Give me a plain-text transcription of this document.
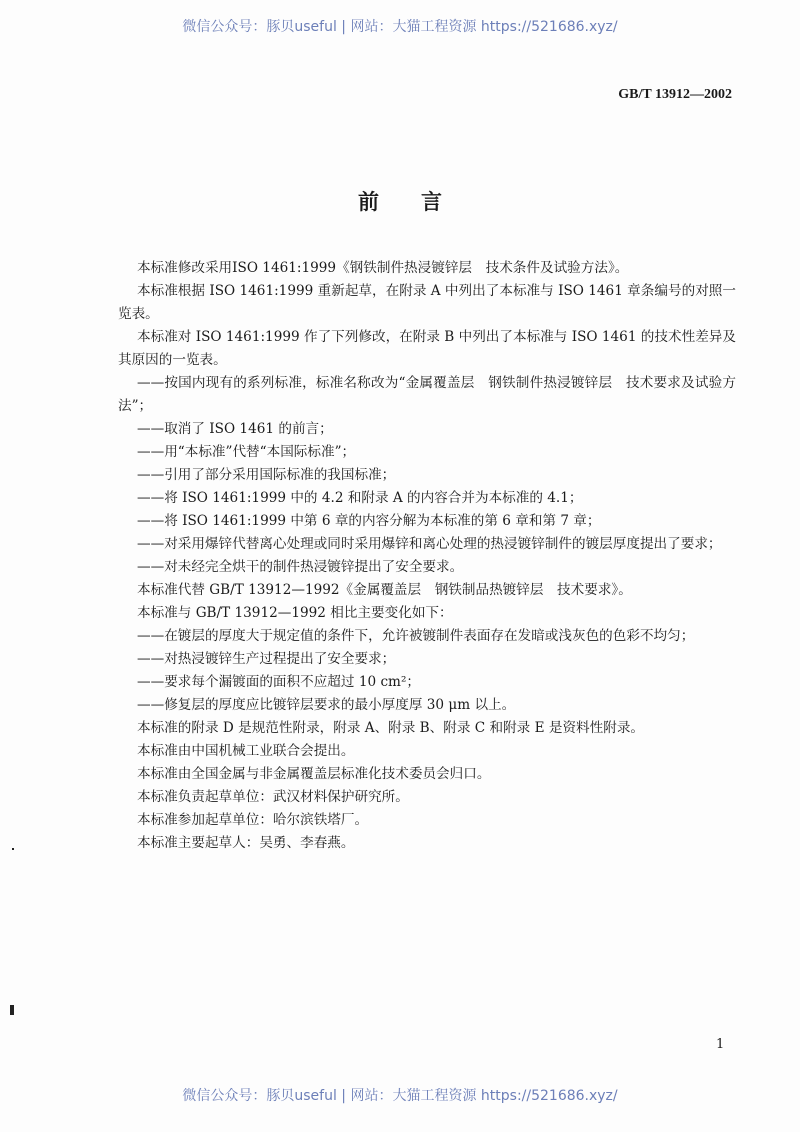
微信公众号：豚贝useful | 网站：大猫工程资源 https://521686.xyz/
GB/T 13912—2002
前言
本标准修改采用ISO 1461:1999《钢铁制件热浸镀锌层　技术条件及试验方法》。
本标准根据 ISO 1461:1999 重新起草，在附录 A 中列出了本标准与 ISO 1461 章条编号的对照一览表。
本标准对 ISO 1461:1999 作了下列修改，在附录 B 中列出了本标准与 ISO 1461 的技术性差异及其原因的一览表。
——按国内现有的系列标准，标准名称改为“金属覆盖层　钢铁制件热浸镀锌层　技术要求及试验方法”；
——取消了 ISO 1461 的前言；
——用“本标准”代替“本国际标准”；
——引用了部分采用国际标准的我国标准；
——将 ISO 1461:1999 中的 4.2 和附录 A 的内容合并为本标准的 4.1；
——将 ISO 1461:1999 中第 6 章的内容分解为本标准的第 6 章和第 7 章；
——对采用爆锌代替离心处理或同时采用爆锌和离心处理的热浸镀锌制件的镀层厚度提出了要求；
——对未经完全烘干的制件热浸镀锌提出了安全要求。
本标准代替 GB/T 13912—1992《金属覆盖层　钢铁制品热镀锌层　技术要求》。
本标准与 GB/T 13912—1992 相比主要变化如下：
——在镀层的厚度大于规定值的条件下，允许被镀制件表面存在发暗或浅灰色的色彩不均匀；
——对热浸镀锌生产过程提出了安全要求；
——要求每个漏镀面的面积不应超过 10 cm²；
——修复层的厚度应比镀锌层要求的最小厚度厚 30 μm 以上。
本标准的附录 D 是规范性附录，附录 A、附录 B、附录 C 和附录 E 是资料性附录。
本标准由中国机械工业联合会提出。
本标准由全国金属与非金属覆盖层标准化技术委员会归口。
本标准负责起草单位：武汉材料保护研究所。
本标准参加起草单位：哈尔滨铁塔厂。
本标准主要起草人：吴勇、李春燕。
1
微信公众号：豚贝useful | 网站：大猫工程资源 https://521686.xyz/
